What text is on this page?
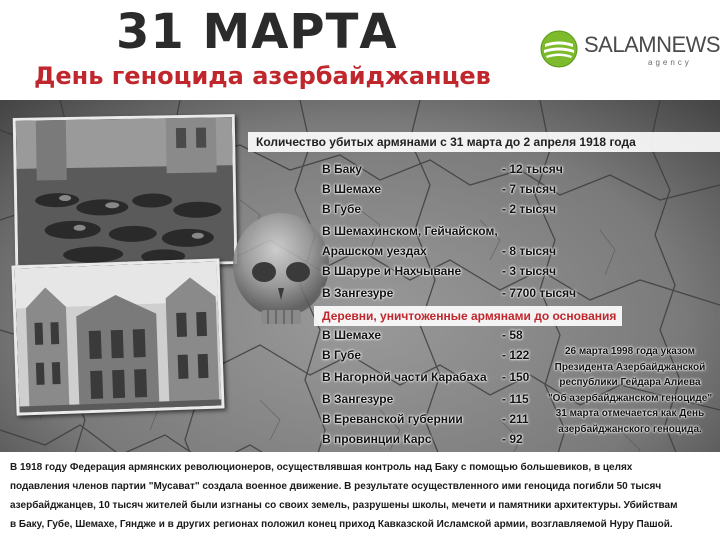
31 МАРТА
День геноцида азербайджанцев
SALAMNEWS
agency
Количество убитых армянами с 31 марта до 2 апреля 1918 года
В Баку	- 12 тысяч
В Шемахе	- 7 тысяч
В Губе	- 2 тысяч
В Шемахинском, Гейчайском,
Арашском уездах	- 8 тысяч
В Шаруре и Нахчыване	- 3 тысяч
В Зангезуре	- 7700 тысяч
Деревни, уничтоженные армянами до основания
В Шемахе	- 58
В Губе	- 122
В Нагорной части Карабаха - 150
В Зангезуре	- 115
В Ереванской губернии	- 211
В провинции Карс	- 92
26 марта 1998 года указом
Президента Азербайджанской
республики Гейдара Алиева
"Об азербайджанском геноциде"
31 марта отмечается как День
азербайджанского геноцида.
В 1918 году Федерация армянских революционеров, осуществлявшая контроль над Баку с помощью большевиков, в целях
подавления членов партии "Мусават" создала военное движение. В результате осуществленного ими геноцида погибли 50 тысяч
азербайджанцев, 10 тысяч жителей были изгнаны со своих земель, разрушены школы, мечети и памятники архитектуры. Убийствам
в Баку, Губе, Шемахе, Гяндже и в других регионах положил конец приход Кавказской Исламской армии, возглавляемой Нуру Пашой.
